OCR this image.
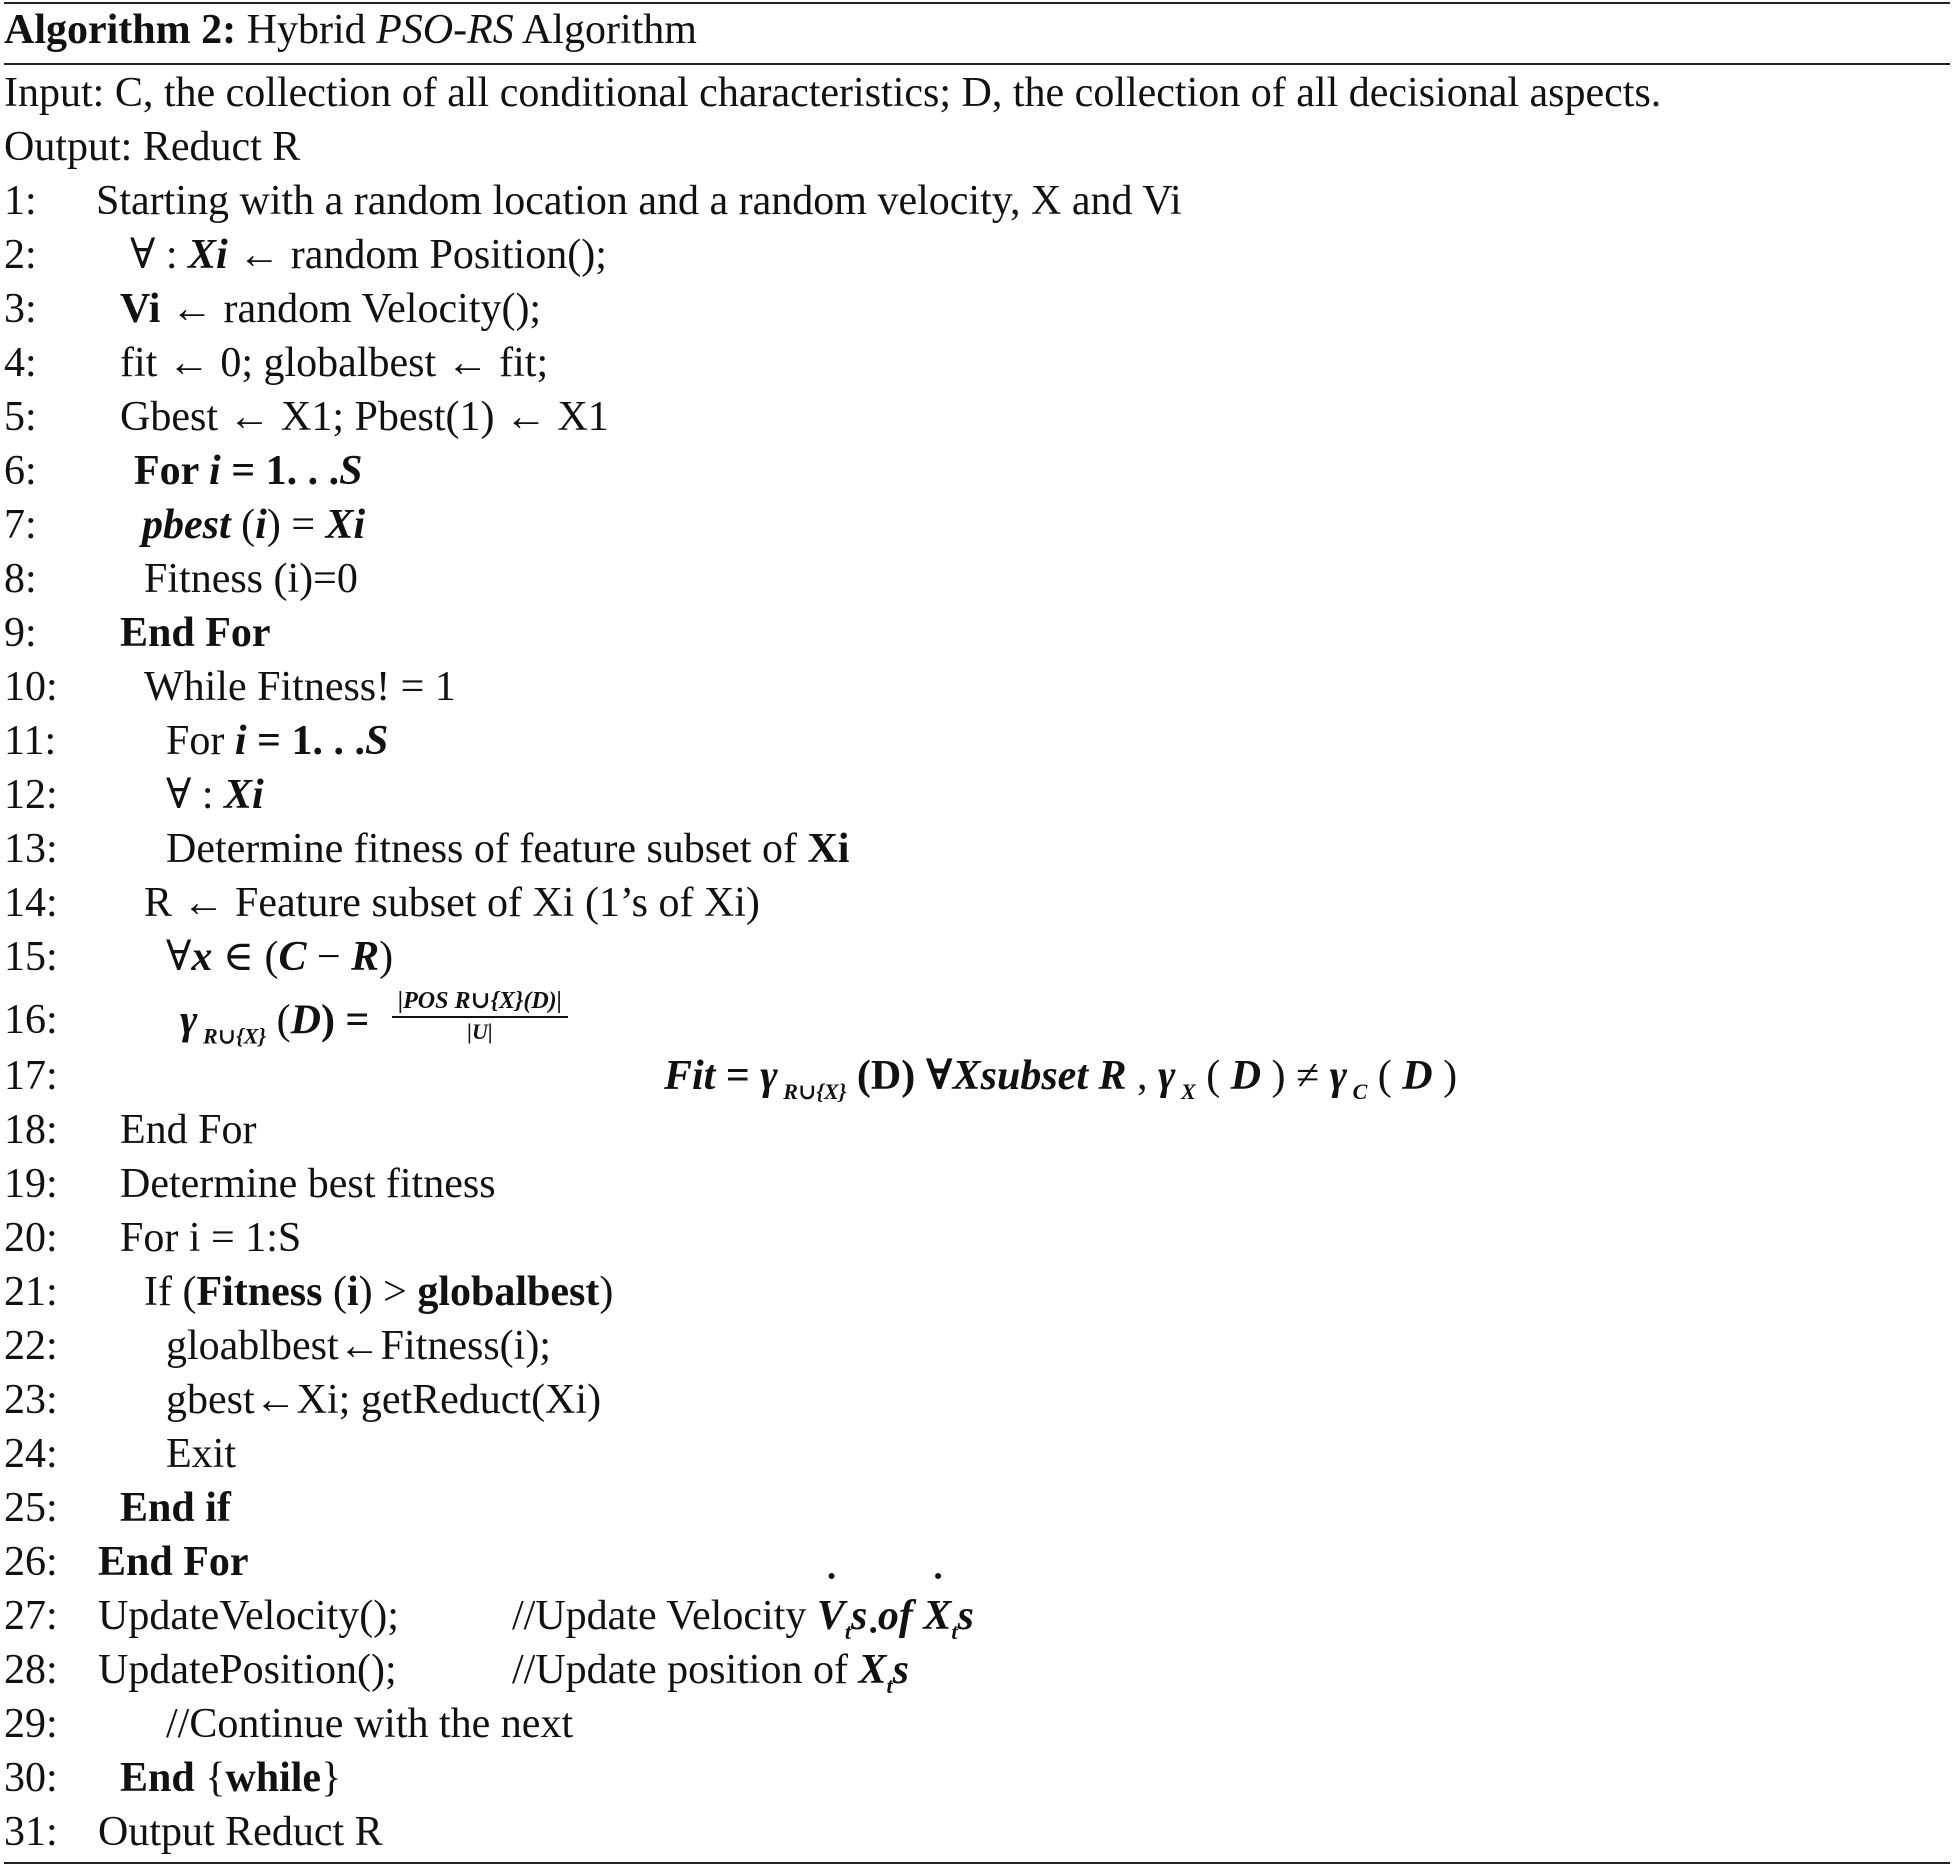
Algorithm 2: Hybrid PSO-RS Algorithm
Input: C, the collection of all conditional characteristics; D, the collection of all decisional aspects.
Output: Reduct R
1: Starting with a random location and a random velocity, X and Vi
2: ∀ : Xi ← random Position();
3: Vi ← random Velocity();
4: fit ← 0; globalbest ← fit;
5: Gbest ← X1; Pbest(1) ← X1
6: For i = 1. . .S
7:	pbest (i) = Xi
8:	Fitness (i)=0
9: End For
10: While Fitness! = 1
11:	For i = 1. . .S
12:	∀ : Xi
13:	Determine fitness of feature subset of Xi
14: R ← Feature subset of Xi (1’s of Xi)
15:	∀x ∈ (C − R)
16:	γ $_{R\cup\{X\}}$ $(D) = \frac{\text{|POS R∪\{X\}(D)|}}{|U|}$
17:	Fit = γ $_{R\cup\{X\}}$ (D) ∀Xsubset R , γ $_X$ ( D ) ≠ γ $_C$ ( D )
18: End For
19: Determine best fitness
20: For i = 1:S
21: If (Fitness (i) > globalbest)
22:	gloablbest←Fitness(i);
23:	gbest←Xi; getReduct(Xi)
24:	Exit
25: End if
26: End For
27: UpdateVelocity();	//Update Velocity ˙ $V_ts$ of ˙ $X_ts$
28: UpdatePosition();	//Update position of ˙ $X_ts$
29:	//Continue with the next
30: End {while}
31: Output Reduct R
